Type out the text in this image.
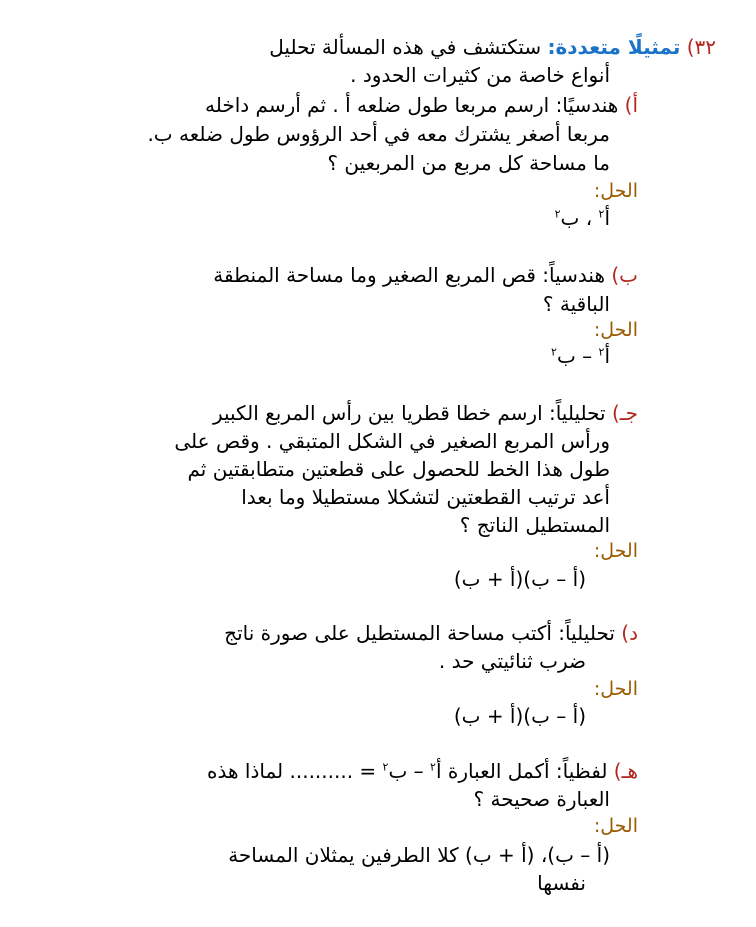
٣٢) تمثيلًا متعددة: ستكتشف في هذه المسألة تحليل
أنواع خاصة من كثيرات الحدود .
أ) هندسيًا: ارسم مربعا طول ضلعه أ . ثم أرسم داخله
مربعا أصغر يشترك معه في أحد الرؤوس طول ضلعه ب.
ما مساحة كل مربع من المربعين ؟
الحل:
أ$^٢$ ، ب$^٢$
ب) هندسياً: قص المربع الصغير وما مساحة المنطقة
الباقية ؟
الحل:
أ$^٢$ – ب$^٢$
جـ) تحليلياً: ارسم خطا قطريا بين رأس المربع الكبير
ورأس المربع الصغير في الشكل المتبقي . وقص على
طول هذا الخط للحصول على قطعتين متطابقتين ثم
أعد ترتيب القطعتين لتشكلا مستطيلا وما بعدا
المستطيل الناتج ؟
الحل:
(أ – ب)(أ + ب)
د) تحليلياً: أكتب مساحة المستطيل على صورة ناتج
ضرب ثنائيتي حد .
الحل:
(أ – ب)(أ + ب)
هـ) لفظياً: أكمل العبارة أ$^٢$ – ب$^٢$ = .......... لماذا هذه
العبارة صحيحة ؟
الحل:
(أ – ب)، (أ + ب) كلا الطرفين يمثلان المساحة
نفسها
